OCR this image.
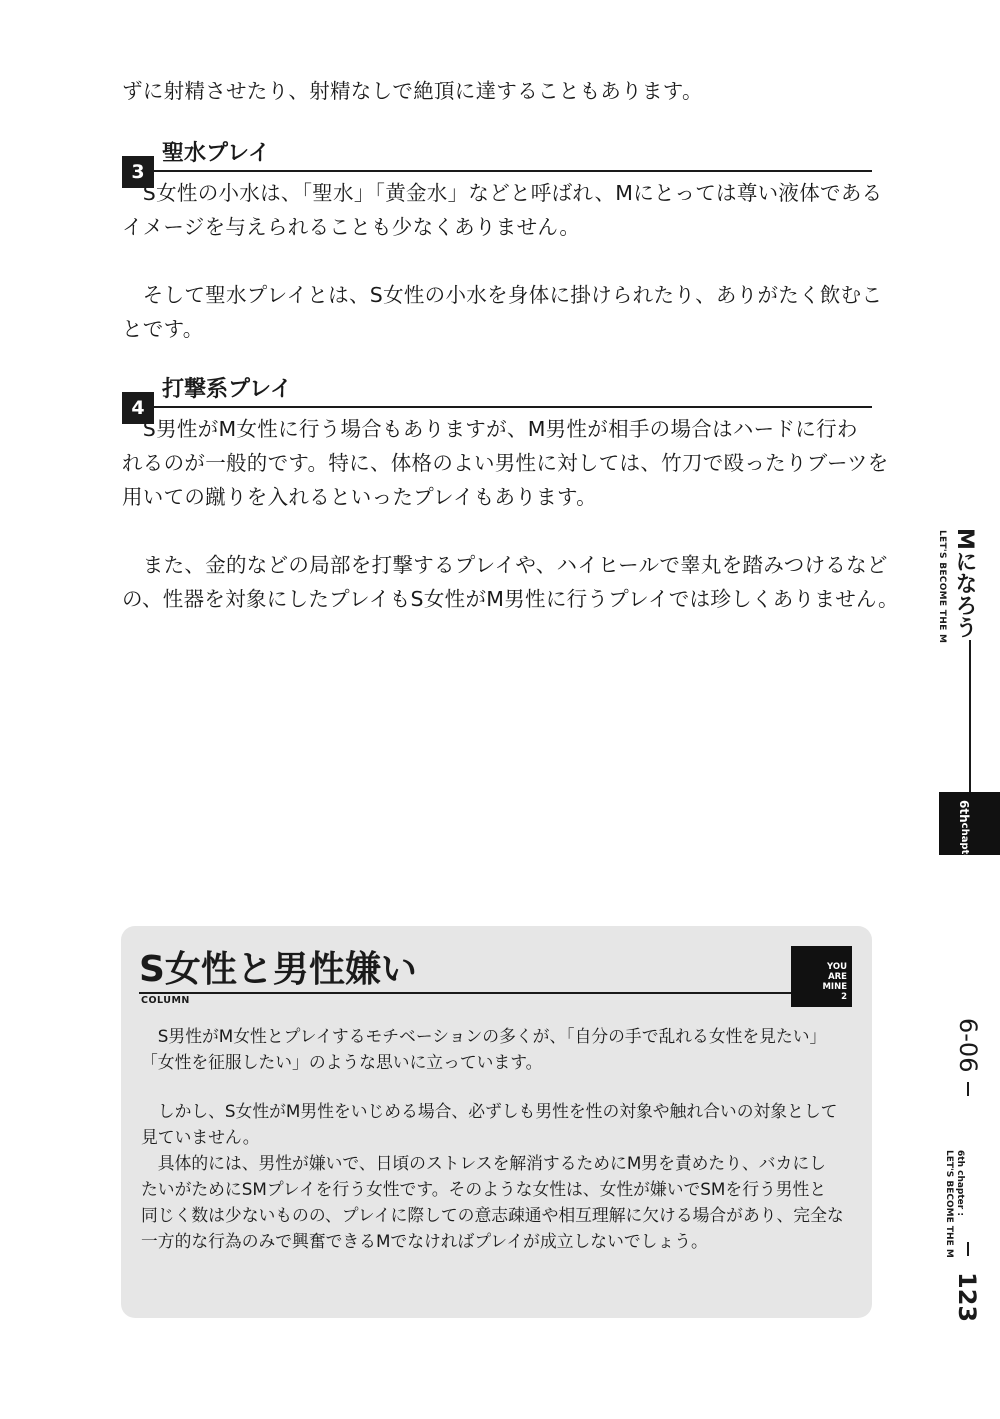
ずに射精させたり、射精なしで絶頂に達することもあります。

3
聖水プレイ

　S女性の小水は、「聖水」「黄金水」などと呼ばれ、Mにとっては尊い液体である

イメージを与えられることも少なくありません。

　そして聖水プレイとは、S女性の小水を身体に掛けられたり、ありがたく飲むこ

とです。

4
打撃系プレイ

　S男性がM女性に行う場合もありますが、M男性が相手の場合はハードに行わ

れるのが一般的です。特に、体格のよい男性に対しては、竹刀で殴ったりブーツを

用いての蹴りを入れるといったプレイもあります。

　また、金的などの局部を打撃するプレイや、ハイヒールで睾丸を踏みつけるなど

の、性器を対象にしたプレイもS女性がM男性に行うプレイでは珍しくありません。

S女性と男性嫌い
COLUMN
YOU
ARE
MINE
2

　S男性がM女性とプレイするモチベーションの多くが、「自分の手で乱れる女性を見たい」

「女性を征服したい」のような思いに立っています。

　しかし、S女性がM男性をいじめる場合、必ずしも男性を性の対象や触れ合いの対象として

見ていません。

　具体的には、男性が嫌いで、日頃のストレスを解消するためにM男を責めたり、バカにし

たいがためにSMプレイを行う女性です。そのような女性は、女性が嫌いでSMを行う男性と

同じく数は少ないものの、プレイに際しての意志疎通や相互理解に欠ける場合があり、完全な

一方的な行為のみで興奮できるMでなければプレイが成立しないでしょう。

Mになろう
LET'S BECOME THE M
6thchapter
6-06
6th chapter :
LET'S BECOME THE M
123
